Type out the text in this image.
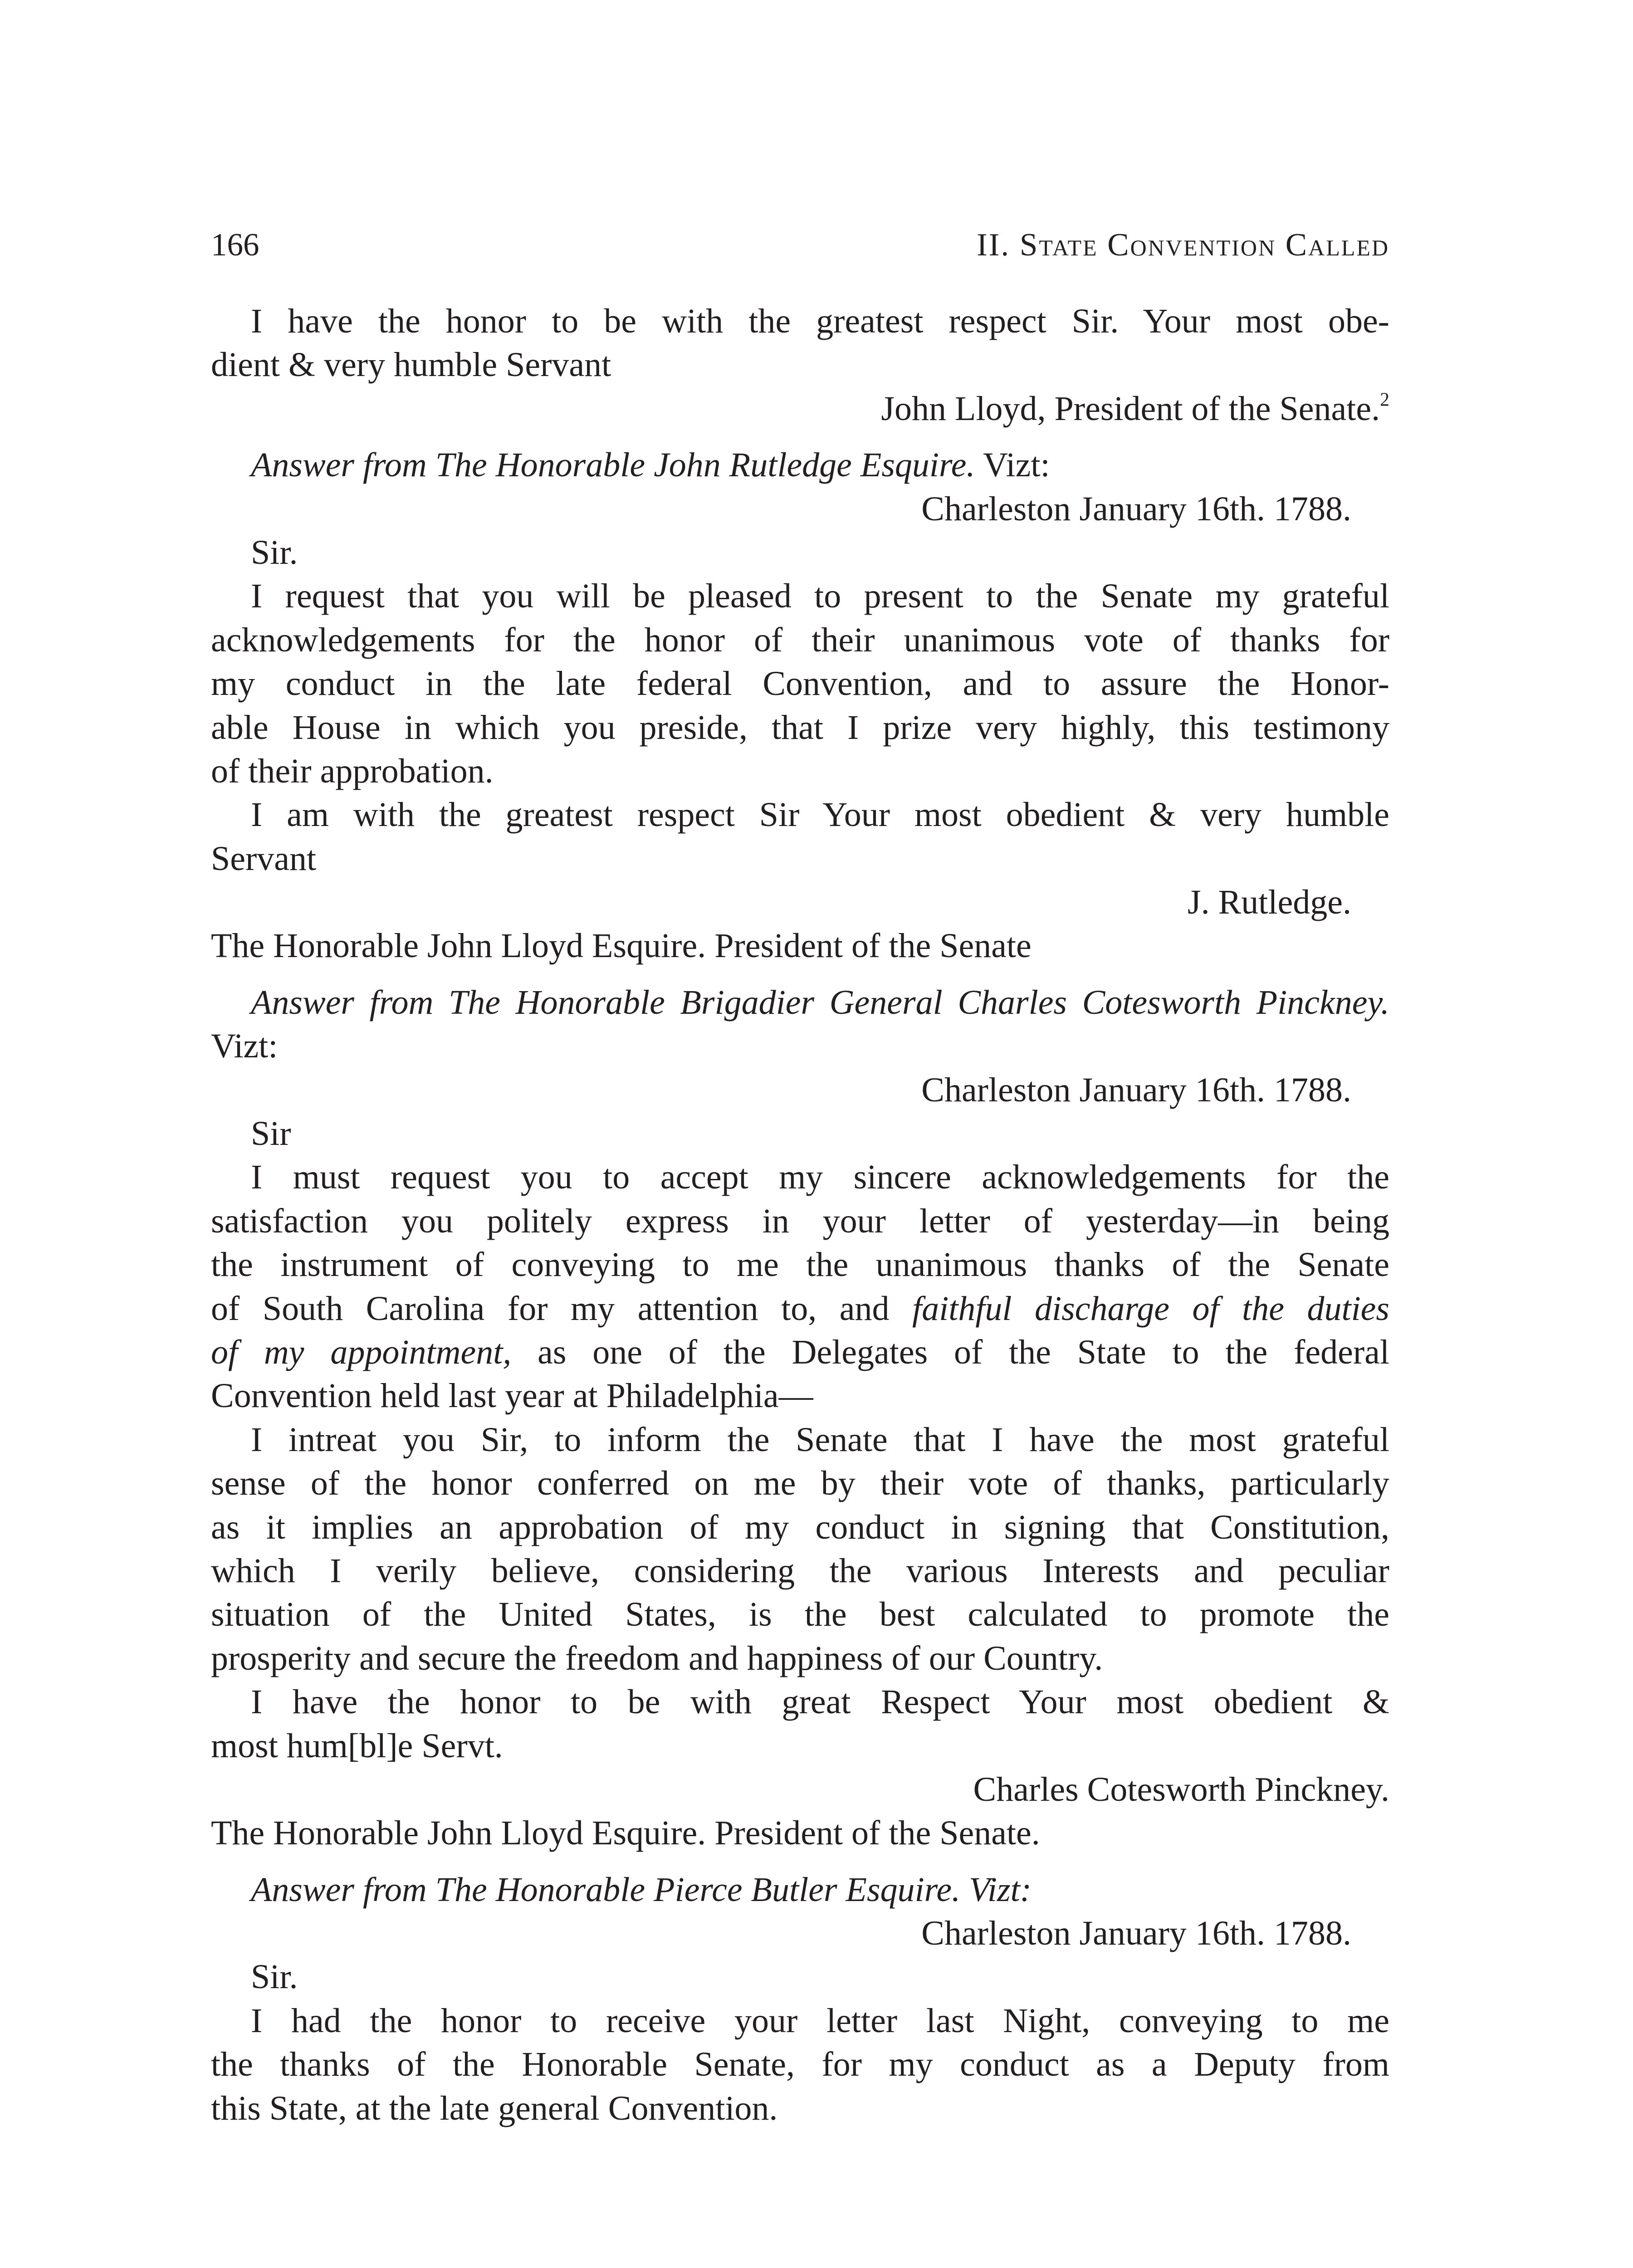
166	II. State Convention Called
I have the honor to be with the greatest respect Sir. Your most obe-
dient & very humble Servant
John Lloyd, President of the Senate.$^2$
Answer from The Honorable John Rutledge Esquire. Vizt:
Charleston January 16th. 1788.
Sir.
I request that you will be pleased to present to the Senate my grateful
acknowledgements for the honor of their unanimous vote of thanks for
my conduct in the late federal Convention, and to assure the Honor-
able House in which you preside, that I prize very highly, this testimony
of their approbation.
I am with the greatest respect Sir Your most obedient & very humble
Servant
J. Rutledge.
The Honorable John Lloyd Esquire. President of the Senate
Answer from The Honorable Brigadier General Charles Cotesworth Pinckney.
Vizt:
Charleston January 16th. 1788.
Sir
I must request you to accept my sincere acknowledgements for the
satisfaction you politely express in your letter of yesterday—in being
the instrument of conveying to me the unanimous thanks of the Senate
of South Carolina for my attention to, and faithful discharge of the duties
of my appointment, as one of the Delegates of the State to the federal
Convention held last year at Philadelphia—
I intreat you Sir, to inform the Senate that I have the most grateful
sense of the honor conferred on me by their vote of thanks, particularly
as it implies an approbation of my conduct in signing that Constitution,
which I verily believe, considering the various Interests and peculiar
situation of the United States, is the best calculated to promote the
prosperity and secure the freedom and happiness of our Country.
I have the honor to be with great Respect Your most obedient &
most hum[bl]e Servt.
Charles Cotesworth Pinckney.
The Honorable John Lloyd Esquire. President of the Senate.
Answer from The Honorable Pierce Butler Esquire. Vizt:
Charleston January 16th. 1788.
Sir.
I had the honor to receive your letter last Night, conveying to me
the thanks of the Honorable Senate, for my conduct as a Deputy from
this State, at the late general Convention.
